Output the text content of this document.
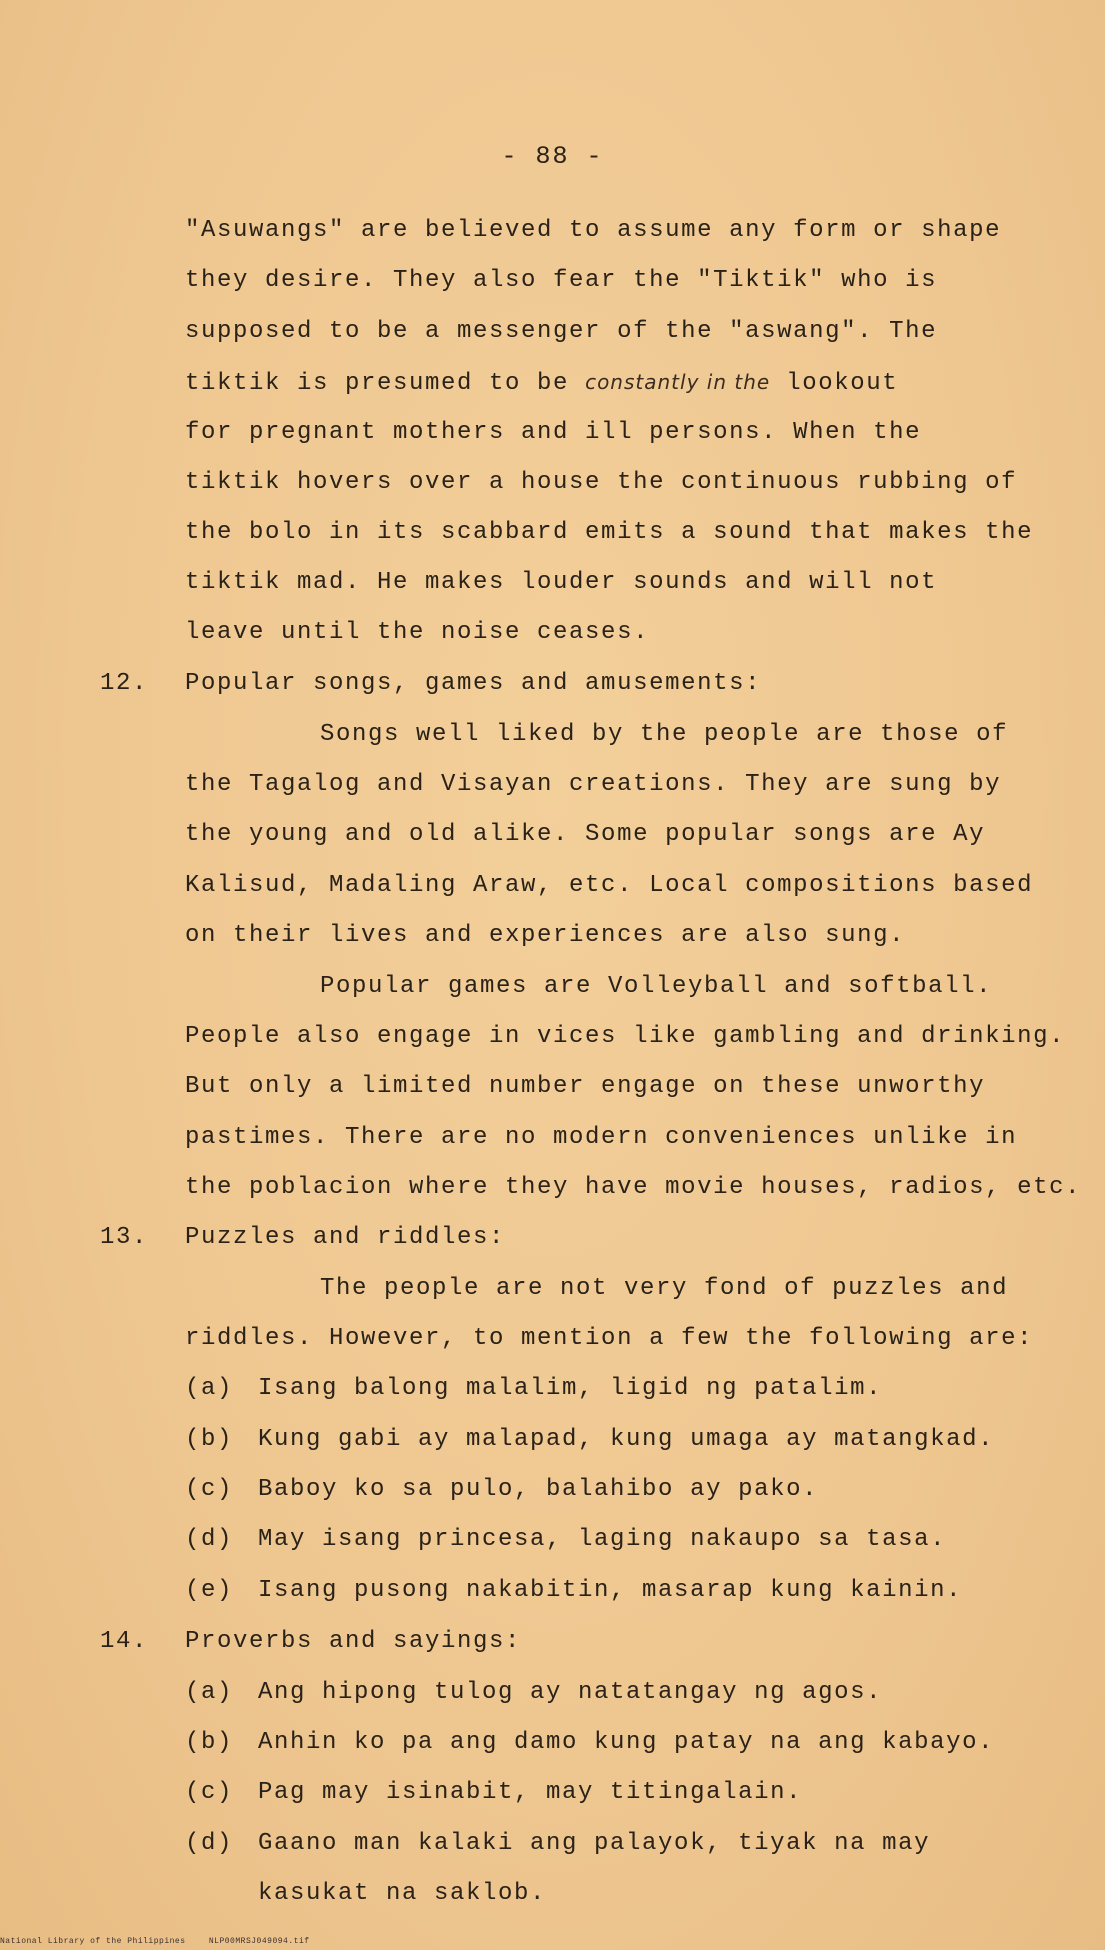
- 88 -
"Asuwangs" are believed to assume any form or shape
they desire. They also fear the "Tiktik" who is
supposed to be a messenger of the "aswang". The
tiktik is presumed to be constantly in the lookout
for pregnant mothers and ill persons. When the
tiktik hovers over a house the continuous rubbing of
the bolo in its scabbard emits a sound that makes the
tiktik mad. He makes louder sounds and will not
leave until the noise ceases.
12. Popular songs, games and amusements:
Songs well liked by the people are those of
the Tagalog and Visayan creations. They are sung by
the young and old alike. Some popular songs are Ay
Kalisud, Madaling Araw, etc. Local compositions based
on their lives and experiences are also sung.
Popular games are Volleyball and softball.
People also engage in vices like gambling and drinking.
But only a limited number engage on these unworthy
pastimes. There are no modern conveniences unlike in
the poblacion where they have movie houses, radios, etc.
13. Puzzles and riddles:
The people are not very fond of puzzles and
riddles. However, to mention a few the following are:
(a) Isang balong malalim, ligid ng patalim.
(b) Kung gabi ay malapad, kung umaga ay matangkad.
(c) Baboy ko sa pulo, balahibo ay pako.
(d) May isang princesa, laging nakaupo sa tasa.
(e) Isang pusong nakabitin, masarap kung kainin.
14. Proverbs and sayings:
(a) Ang hipong tulog ay natatangay ng agos.
(b) Anhin ko pa ang damo kung patay na ang kabayo.
(c) Pag may isinabit, may titingalain.
(d) Gaano man kalaki ang palayok, tiyak na may
kasukat na saklob.
National Library of the Philippines	NLP00MRSJ049094.tif
